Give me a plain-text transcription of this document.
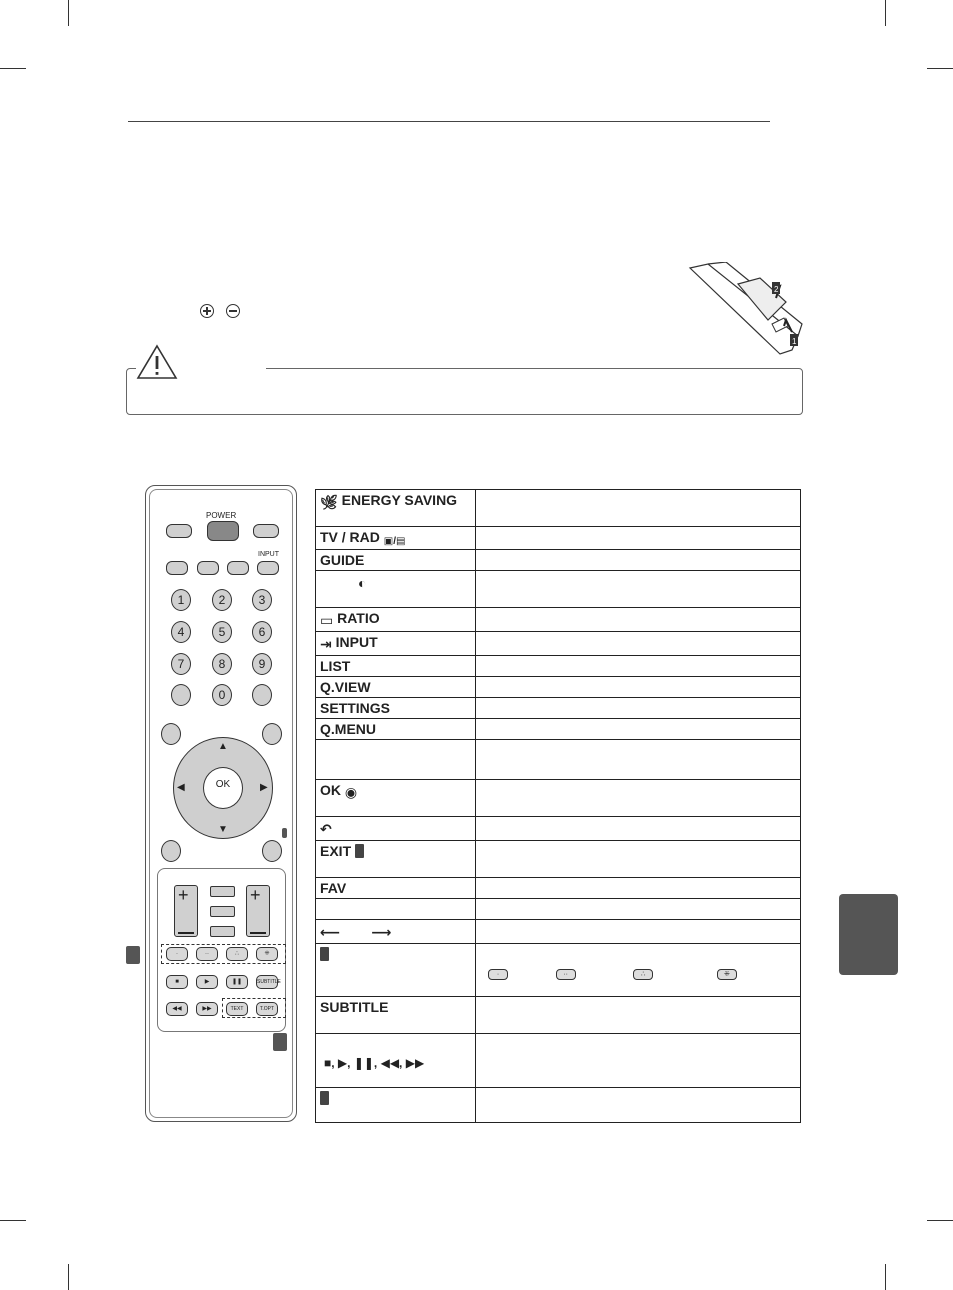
2
1
POWER
INPUT
1	2	3
4	5	6
7	8	9
0
▲
▼
◀	▶
OK
+	+
·	··	∴	⁜
■	▶	❚❚	SUBTITLE
◀◀	▶▶	TEXT	T.OPT
🌿︎ ENERGY SAVING	
TV / RAD ▣/▤	
GUIDE	
◐	
▭ RATIO	
⇥ INPUT	
LIST	
Q.VIEW	
SETTINGS	
Q.MENU	

OK ◉	
↶	
EXIT	
FAV	

⟵        ⟶	
	· ·· ∴ ⁜
SUBTITLE	
■, ▶, ❚❚, ◀◀, ▶▶	
